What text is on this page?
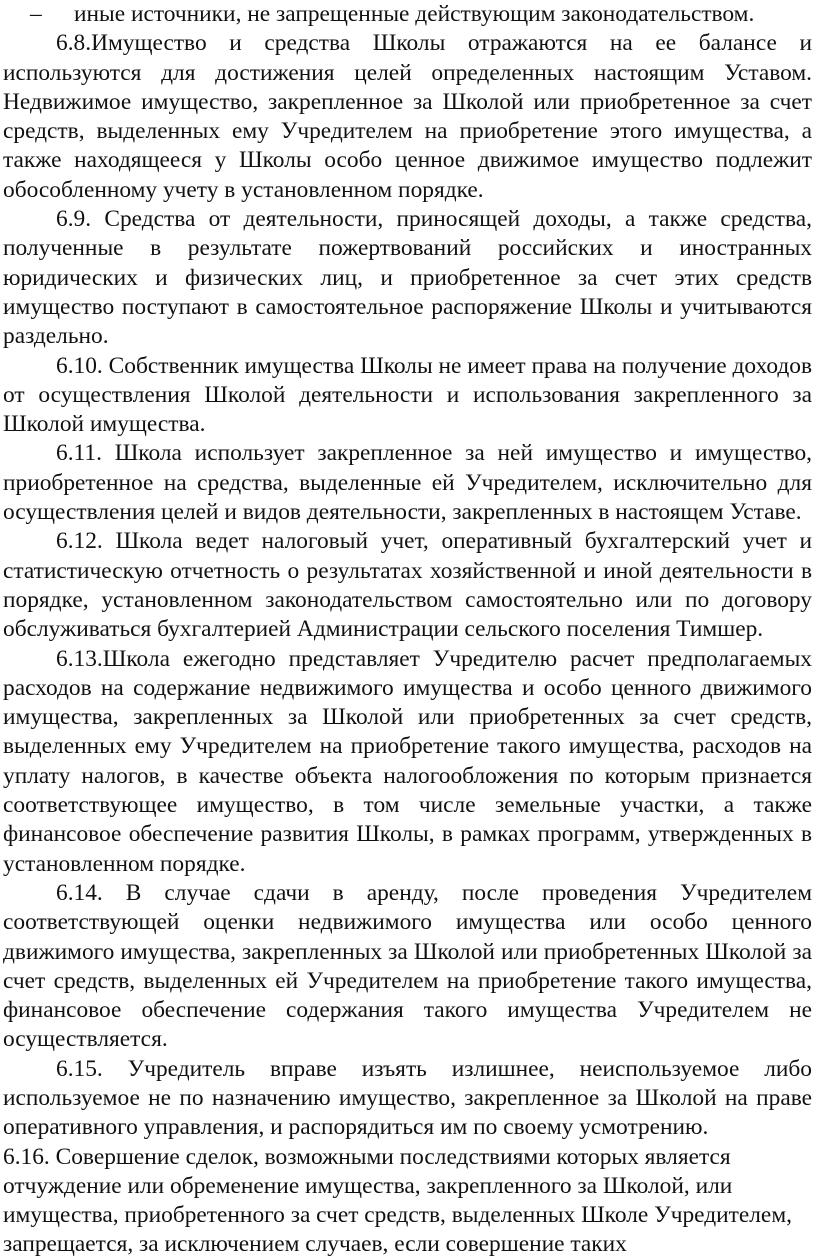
– иные источники, не запрещенные действующим законодательством.

6.8.Имущество и средства Школы отражаются на ее балансе и используются для достижения целей определенных настоящим Уставом. Недвижимое имущество, закрепленное за Школой или приобретенное за счет средств, выделенных ему Учредителем на приобретение этого имущества, а также находящееся у Школы особо ценное движимое имущество подлежит обособленному учету в установленном порядке.

6.9. Средства от деятельности, приносящей доходы, а также средства, полученные в результате пожертвований российских и иностранных юридических и физических лиц, и приобретенное за счет этих средств имущество поступают в самостоятельное распоряжение Школы и учитываются раздельно.

6.10. Собственник имущества Школы не имеет права на получение доходов от осуществления Школой деятельности и использования закрепленного за Школой имущества.

6.11. Школа использует закрепленное за ней имущество и имущество, приобретенное на средства, выделенные ей Учредителем, исключительно для осуществления целей и видов деятельности, закрепленных в настоящем Уставе.

6.12. Школа ведет налоговый учет, оперативный бухгалтерский учет и статистическую отчетность о результатах хозяйственной и иной деятельности в порядке, установленном законодательством самостоятельно или по договору обслуживаться бухгалтерией Администрации сельского поселения Тимшер.

6.13.Школа ежегодно представляет Учредителю расчет предполагаемых расходов на содержание недвижимого имущества и особо ценного движимого имущества, закрепленных за Школой или приобретенных за счет средств, выделенных ему Учредителем на приобретение такого имущества, расходов на уплату налогов, в качестве объекта налогообложения по которым признается соответствующее имущество, в том числе земельные участки, а также финансовое обеспечение развития Школы, в рамках программ, утвержденных в установленном порядке.

6.14. В случае сдачи в аренду, после проведения Учредителем соответствующей оценки недвижимого имущества или особо ценного движимого имущества, закрепленных за Школой или приобретенных Школой за счет средств, выделенных ей Учредителем на приобретение такого имущества, финансовое обеспечение содержания такого имущества Учредителем не осуществляется.

6.15. Учредитель вправе изъять излишнее, неиспользуемое либо используемое не по назначению имущество, закрепленное за Школой на праве оперативного управления, и распорядиться им по своему усмотрению.

6.16. Совершение сделок, возможными последствиями которых является отчуждение или обременение имущества, закрепленного за Школой, или имущества, приобретенного за счет средств, выделенных Школе Учредителем, запрещается, за исключением случаев, если совершение таких
